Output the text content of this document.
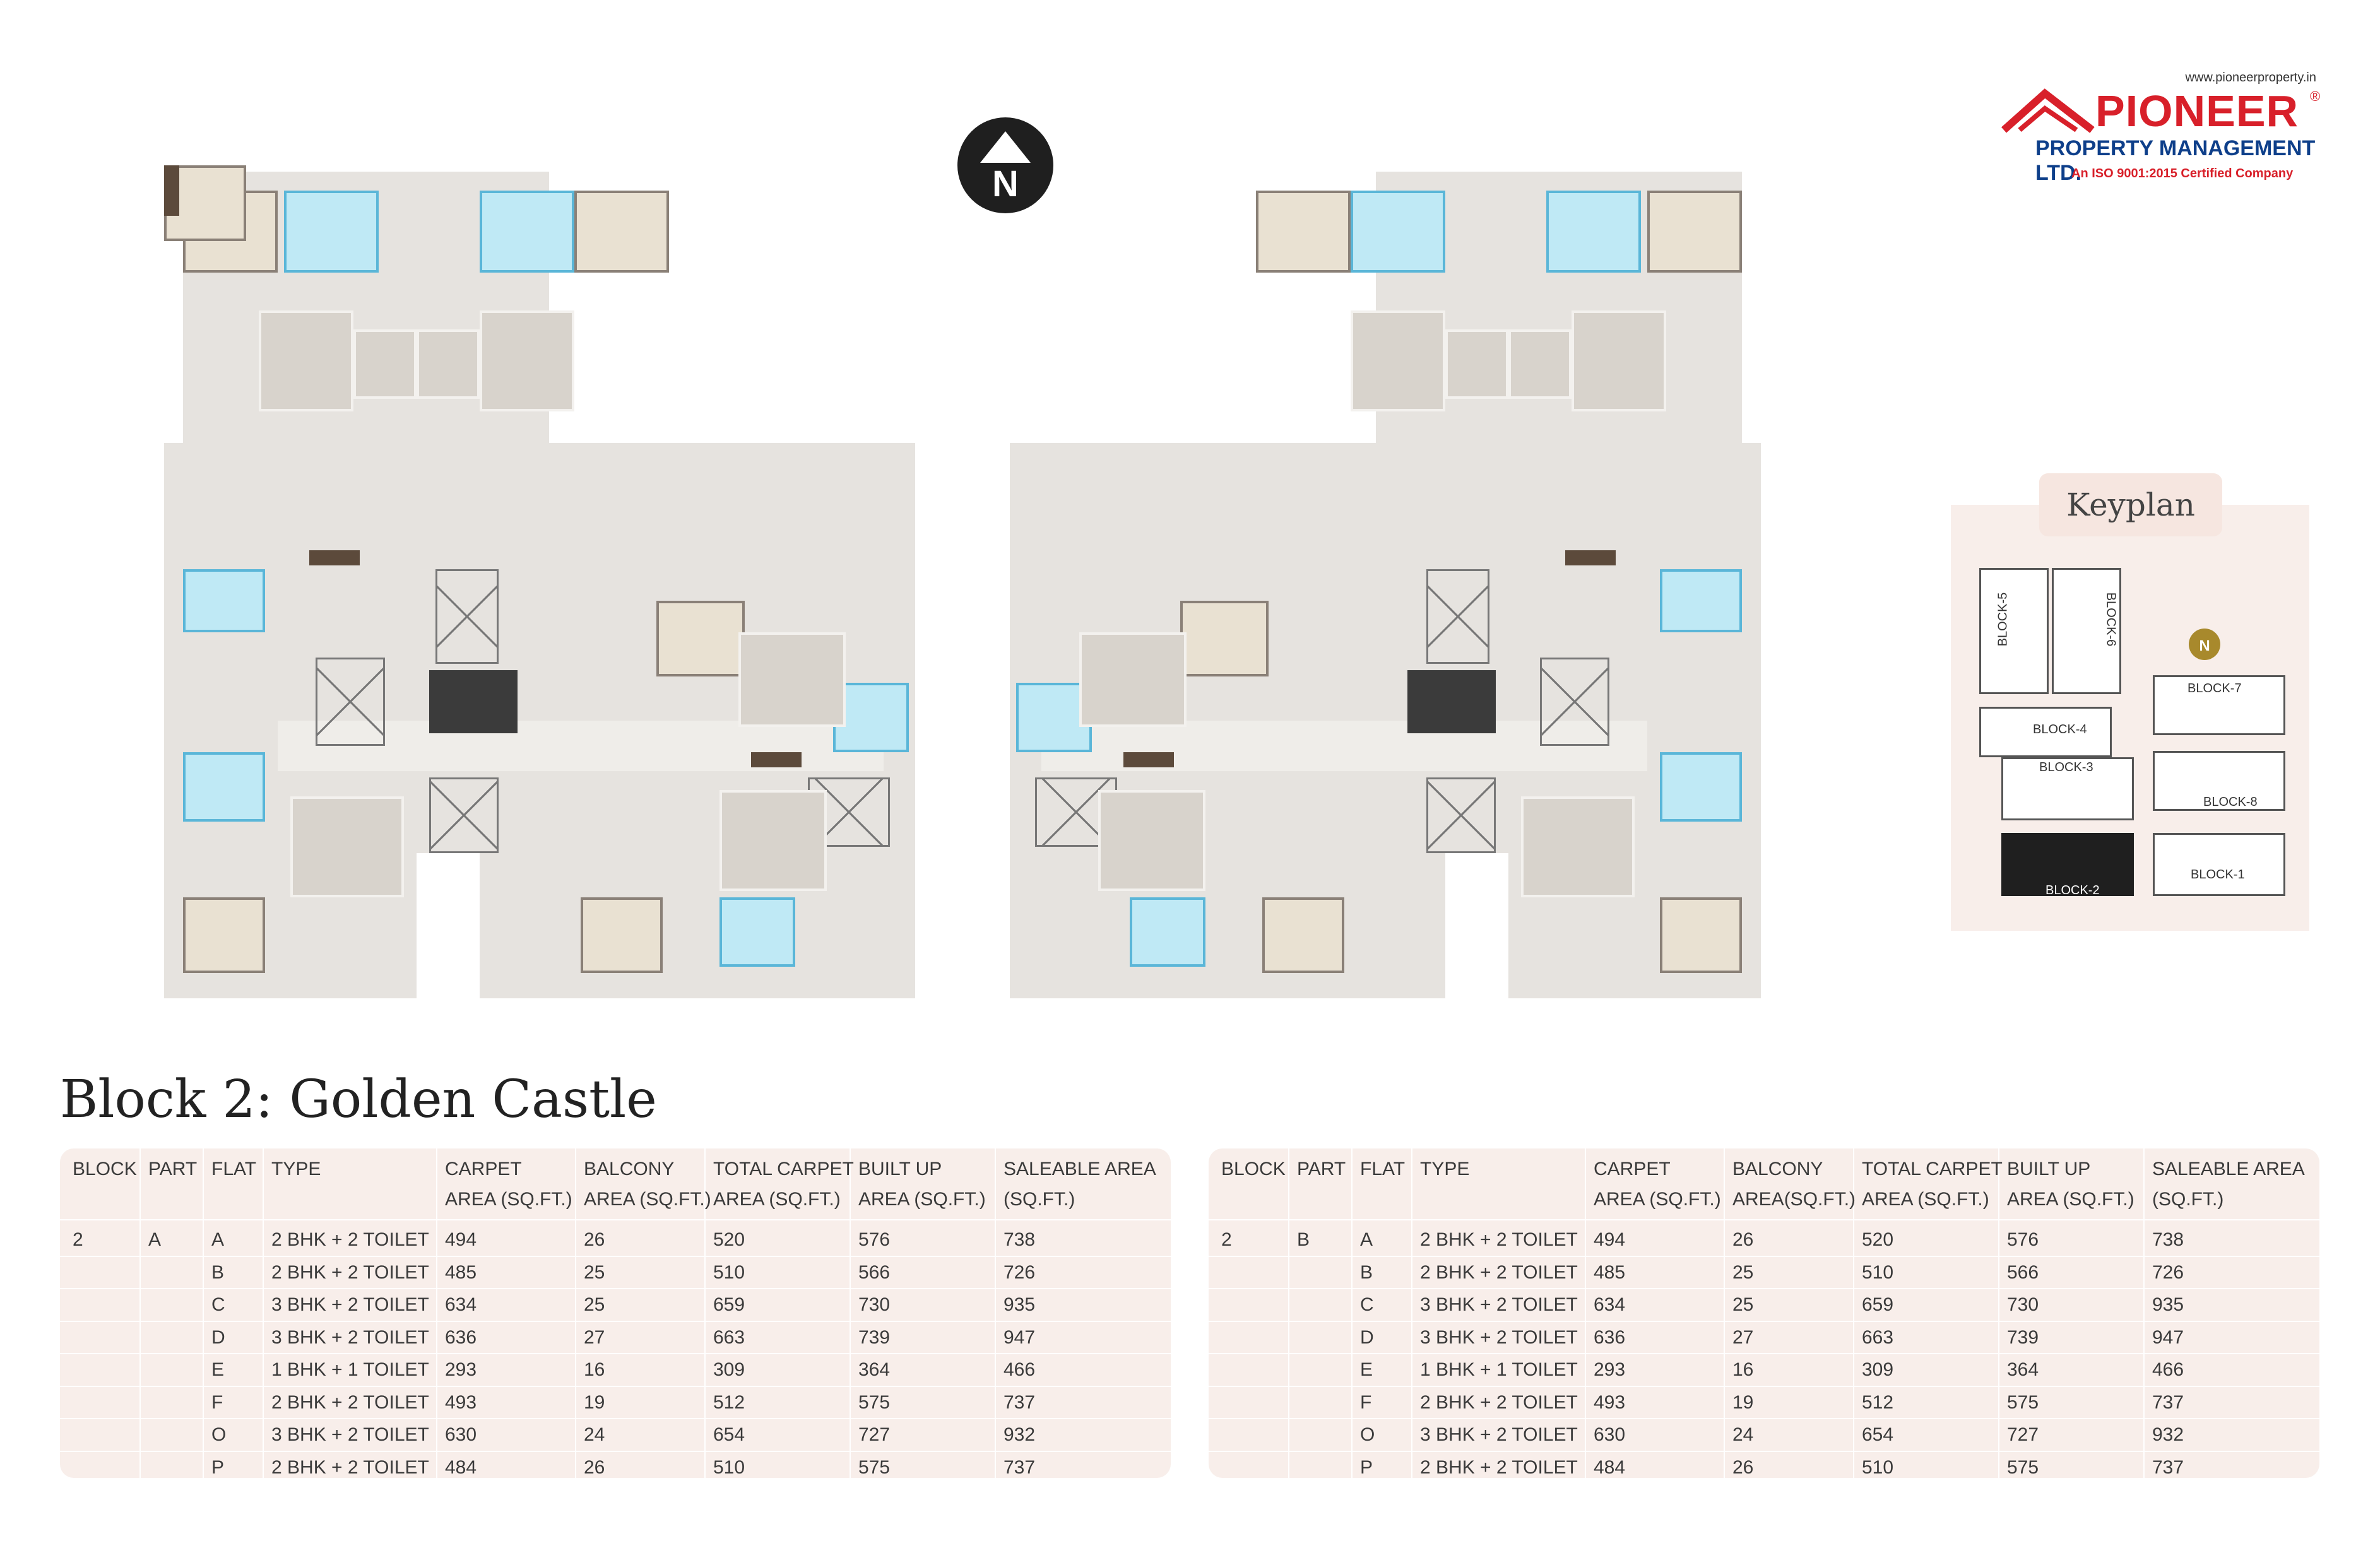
N
www.pioneerproperty.in
PIONEER ®
PROPERTY MANAGEMENT LTD.
An ISO 9001:2015 Certified Company
Keyplan
BLOCK-5	BLOCK-6
BLOCK-7
BLOCK-4
BLOCK-3
BLOCK-8
BLOCK-2
BLOCK-1
N
Block 2: Golden Castle
BLOCK PART FLAT TYPE	CARPET
AREA (SQ.FT.)
BALCONY
AREA (SQ.FT.)
TOTAL CARPET
AREA (SQ.FT.)
BUILT UP
AREA (SQ.FT.)
SALEABLE AREA
(SQ.FT.)
2	A	A 2 BHK + 2 TOILET 494	26	520	576	738
B 2 BHK + 2 TOILET 485	25	510	566	726
C 3 BHK + 2 TOILET 634	25	659	730	935
D 3 BHK + 2 TOILET 636	27	663	739	947
E 1 BHK + 1 TOILET 293	16	309	364	466
F	2 BHK + 2 TOILET 493	19	512	575	737
O 3 BHK + 2 TOILET 630	24	654	727	932
P 2 BHK + 2 TOILET 484	26	510	575	737
BLOCK PART FLAT TYPE	CARPET
AREA (SQ.FT.)
BALCONY
AREA(SQ.FT.)
TOTAL CARPET
AREA (SQ.FT.)
BUILT UP
AREA (SQ.FT.)
SALEABLE AREA
(SQ.FT.)
2	B	A 2 BHK + 2 TOILET 494	26	520	576	738
B 2 BHK + 2 TOILET 485	25	510	566	726
C 3 BHK + 2 TOILET 634	25	659	730	935
D 3 BHK + 2 TOILET 636	27	663	739	947
E 1 BHK + 1 TOILET 293	16	309	364	466
F	2 BHK + 2 TOILET 493	19	512	575	737
O 3 BHK + 2 TOILET 630	24	654	727	932
P 2 BHK + 2 TOILET 484	26	510	575	737
